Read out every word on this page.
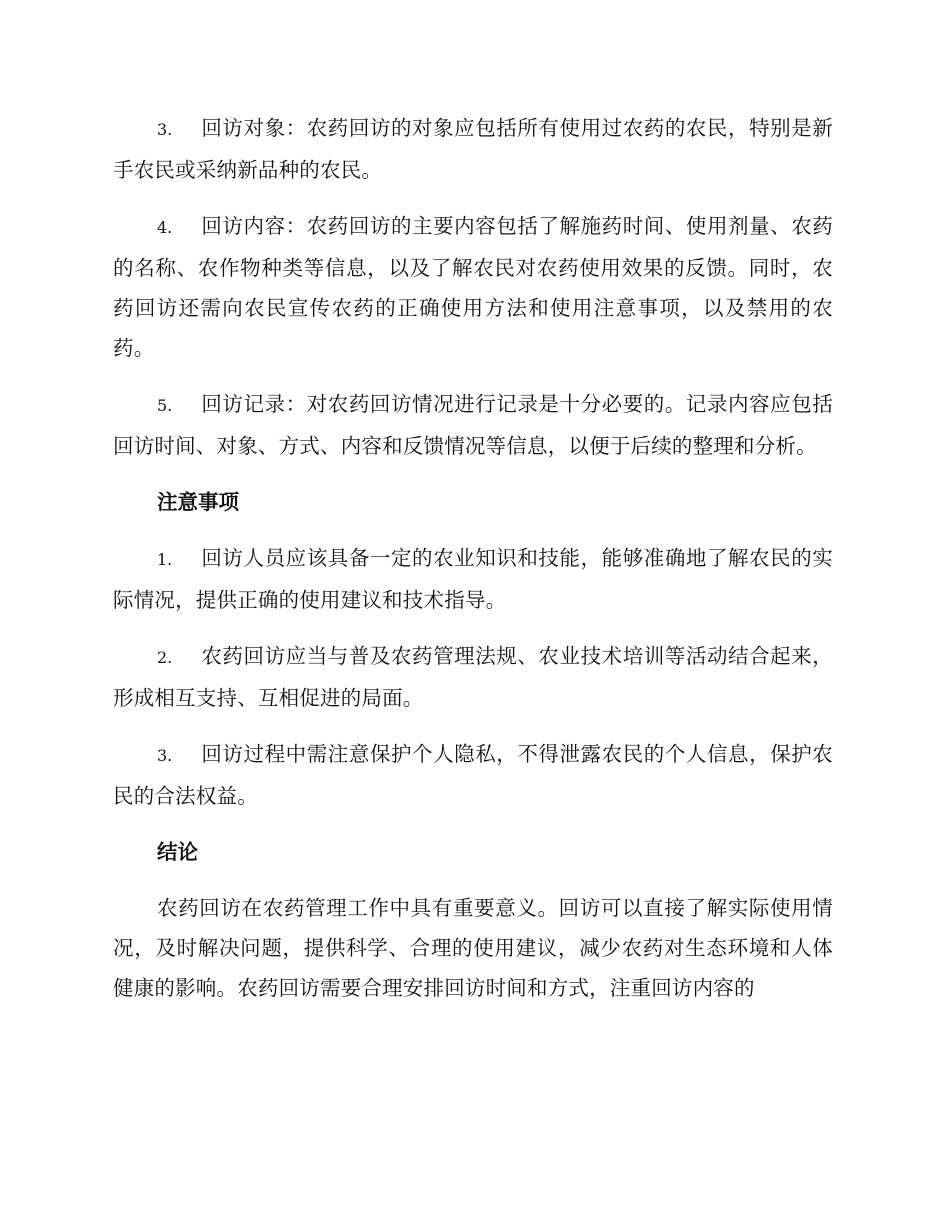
3. 回访对象：农药回访的对象应包括所有使用过农药的农民，特别是新手农民或采纳新品种的农民。
4. 回访内容：农药回访的主要内容包括了解施药时间、使用剂量、农药的名称、农作物种类等信息，以及了解农民对农药使用效果的反馈。同时，农药回访还需向农民宣传农药的正确使用方法和使用注意事项，以及禁用的农药。
5. 回访记录：对农药回访情况进行记录是十分必要的。记录内容应包括回访时间、对象、方式、内容和反馈情况等信息，以便于后续的整理和分析。
注意事项
1. 回访人员应该具备一定的农业知识和技能，能够准确地了解农民的实际情况，提供正确的使用建议和技术指导。
2. 农药回访应当与普及农药管理法规、农业技术培训等活动结合起来，形成相互支持、互相促进的局面。
3. 回访过程中需注意保护个人隐私，不得泄露农民的个人信息，保护农民的合法权益。
结论

农药回访在农药管理工作中具有重要意义。回访可以直接了解实际使用情况，及时解决问题，提供科学、合理的使用建议，减少农药对生态环境和人体健康的影响。农药回访需要合理安排回访时间和方式，注重回访内容的
